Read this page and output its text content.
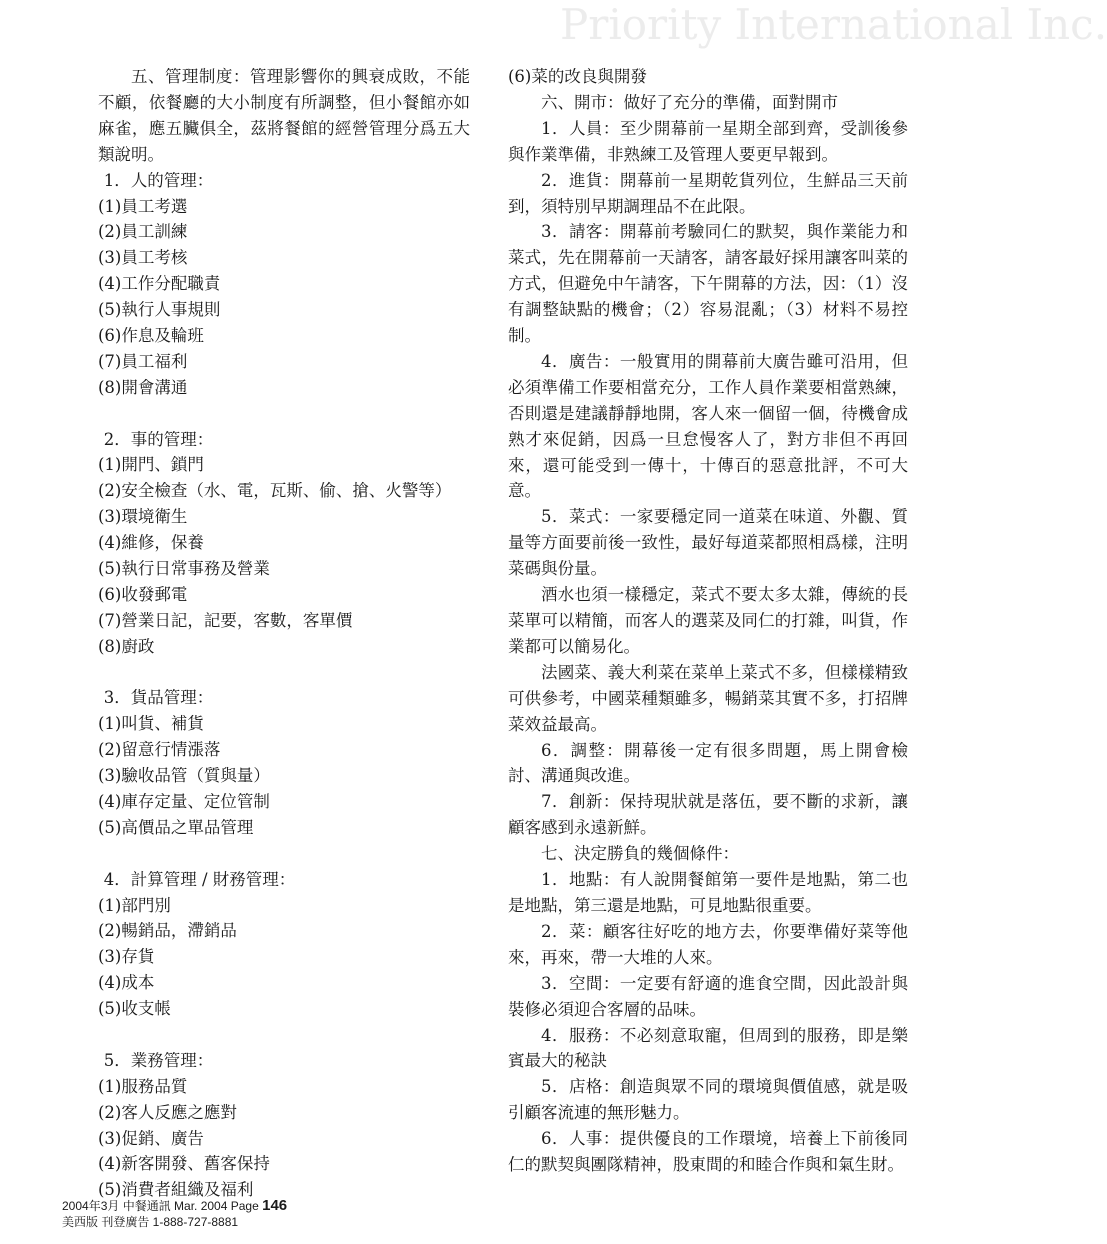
Priority International Inc.
五、管理制度：管理影響你的興衰成敗，不能不顧，依餐廳的大小制度有所調整，但小餐館亦如麻雀，應五臟俱全，茲將餐館的經營管理分爲五大類說明。
1．人的管理：
(1)員工考選
(2)員工訓練
(3)員工考核
(4)工作分配職責
(5)執行人事規則
(6)作息及輪班
(7)員工福利
(8)開會溝通
2．事的管理：
(1)開門、鎖門
(2)安全檢查（水、電，瓦斯、偷、搶、火警等）
(3)環境衛生
(4)維修，保養
(5)執行日常事務及營業
(6)收發郵電
(7)營業日記，記要，客數，客單價
(8)廚政
3．貨品管理：
(1)叫貨、補貨
(2)留意行情漲落
(3)驗收品管（質與量）
(4)庫存定量、定位管制
(5)高價品之單品管理
4．計算管理 / 財務管理：
(1)部門別
(2)暢銷品，滯銷品
(3)存貨
(4)成本
(5)收支帳
5．業務管理：
(1)服務品質
(2)客人反應之應對
(3)促銷、廣告
(4)新客開發、舊客保持
(5)消費者組織及福利
(6)菜的改良與開發
六、開市：做好了充分的準備，面對開市
1．人員：至少開幕前一星期全部到齊，受訓後參與作業準備，非熟練工及管理人要更早報到。
2．進貨：開幕前一星期乾貨列位，生鮮品三天前到，須特別早期調理品不在此限。
3．請客：開幕前考驗同仁的默契，與作業能力和菜式，先在開幕前一天請客，請客最好採用讓客叫菜的方式，但避免中午請客，下午開幕的方法，因：（1）沒有調整缺點的機會；（2）容易混亂；（3）材料不易控制。
4．廣告：一般實用的開幕前大廣告雖可沿用，但必須準備工作要相當充分，工作人員作業要相當熟練，否則還是建議靜靜地開，客人來一個留一個，待機會成熟才來促銷，因爲一旦怠慢客人了，對方非但不再回來，還可能受到一傳十，十傳百的惡意批評，不可大意。
5．菜式：一家要穩定同一道菜在味道、外觀、質量等方面要前後一致性，最好每道菜都照相爲樣，注明菜碼與份量。
酒水也須一樣穩定，菜式不要太多太雜，傳統的長菜單可以精簡，而客人的選菜及同仁的打雜，叫貨，作業都可以簡易化。
法國菜、義大利菜在菜单上菜式不多，但樣樣精致可供參考，中國菜種類雖多，暢銷菜其實不多，打招牌菜效益最高。
6．調整：開幕後一定有很多問題，馬上開會檢討、溝通與改進。
7．創新：保持現狀就是落伍，要不斷的求新，讓顧客感到永遠新鮮。
七、決定勝負的幾個條件：
1．地點：有人說開餐館第一要件是地點，第二也是地點，第三還是地點，可見地點很重要。
2．菜：顧客往好吃的地方去，你要準備好菜等他來，再來，帶一大堆的人來。
3．空間：一定要有舒適的進食空間，因此設計與裝修必須迎合客層的品味。
4．服務：不必刻意取寵，但周到的服務，即是樂賓最大的秘訣
5．店格：創造與眾不同的環境與價值感，就是吸引顧客流連的無形魅力。
6．人事：提供優良的工作環境，培養上下前後同仁的默契與團隊精神，股東間的和睦合作與和氣生財。
2004年3月 中餐通訊 Mar. 2004 Page 146
美西版 刊登廣告 1-888-727-8881
